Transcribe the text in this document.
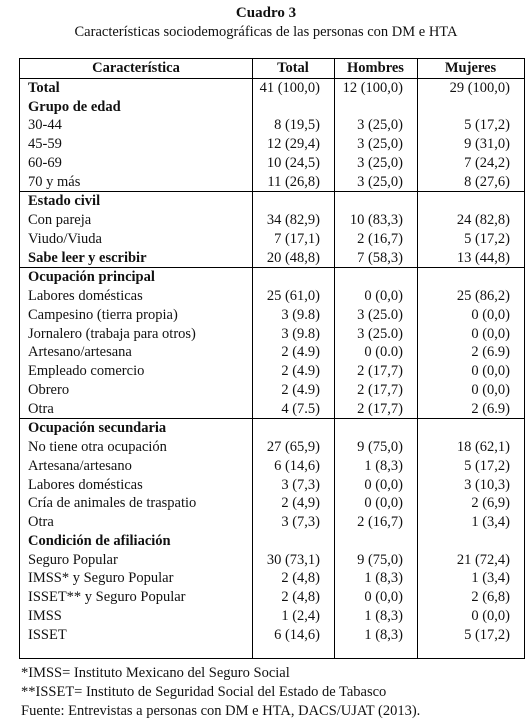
Cuadro 3
Características sociodemográficas de las personas con DM e HTA
Característica	Total	Hombres	Mujeres
Total	41 (100,0)	12 (100,0)	29 (100,0)
Grupo de edad			
30-44	8 (19,5)	3 (25,0)	5 (17,2)
45-59	12 (29,4)	3 (25,0)	9 (31,0)
60-69	10 (24,5)	3 (25,0)	7 (24,2)
70 y más	11 (26,8)	3 (25,0)	8 (27,6)
Estado civil			
Con pareja	34 (82,9)	10 (83,3)	24 (82,8)
Viudo/Viuda	7 (17,1)	2 (16,7)	5 (17,2)
Sabe leer y escribir	20 (48,8)	7 (58,3)	13 (44,8)
Ocupación principal			
Labores domésticas	25 (61,0)	0 (0,0)	25 (86,2)
Campesino (tierra propia)	3 (9.8)	3 (25.0)	0 (0,0)
Jornalero (trabaja para otros)	3 (9.8)	3 (25.0)	0 (0,0)
Artesano/artesana	2 (4.9)	0 (0.0)	2 (6.9)
Empleado comercio	2 (4.9)	2 (17,7)	0 (0,0)
Obrero	2 (4.9)	2 (17,7)	0 (0,0)
Otra	4 (7.5)	2 (17,7)	2 (6.9)
Ocupación secundaria			
No tiene otra ocupación	27 (65,9)	9 (75,0)	18 (62,1)
Artesana/artesano	6 (14,6)	1 (8,3)	5 (17,2)
Labores domésticas	3 (7,3)	0 (0,0)	3 (10,3)
Cría de animales de traspatio	2 (4,9)	0 (0,0)	2 (6,9)
Otra	3 (7,3)	2 (16,7)	1 (3,4)
Condición de afiliación			
Seguro Popular	30 (73,1)	9 (75,0)	21 (72,4)
IMSS* y Seguro Popular	2 (4,8)	1 (8,3)	1 (3,4)
ISSET** y Seguro Popular	2 (4,8)	0 (0,0)	2 (6,8)
IMSS	1 (2,4)	1 (8,3)	0 (0,0)
ISSET	6 (14,6)	1 (8,3)	5 (17,2)
*IMSS= Instituto Mexicano del Seguro Social
**ISSET= Instituto de Seguridad Social del Estado de Tabasco
Fuente: Entrevistas a personas con DM e HTA, DACS/UJAT (2013).
